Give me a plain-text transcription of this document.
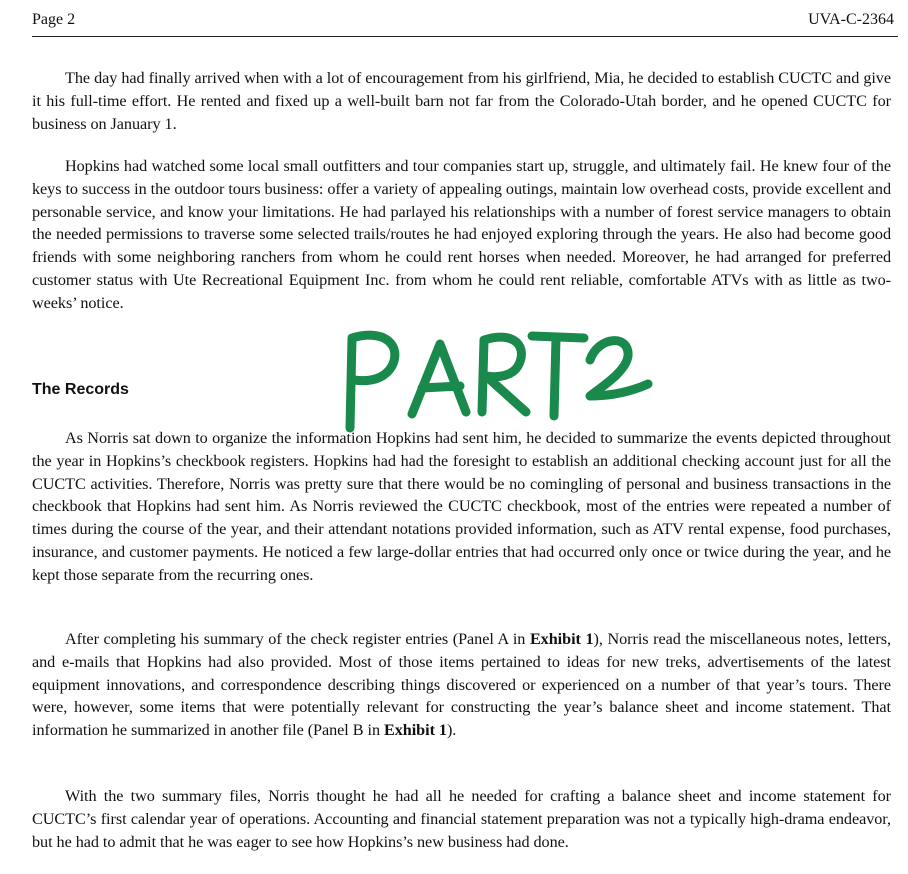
Page 2	UVA-C-2364

The day had finally arrived when with a lot of encouragement from his girlfriend, Mia, he decided to establish CUCTC and give it his full-time effort. He rented and fixed up a well-built barn not far from the Colorado-Utah border, and he opened CUCTC for business on January 1.

Hopkins had watched some local small outfitters and tour companies start up, struggle, and ultimately fail. He knew four of the keys to success in the outdoor tours business: offer a variety of appealing outings, maintain low overhead costs, provide excellent and personable service, and know your limitations. He had parlayed his relationships with a number of forest service managers to obtain the needed permissions to traverse some selected trails/routes he had enjoyed exploring through the years. He also had become good friends with some neighboring ranchers from whom he could rent horses when needed. Moreover, he had arranged for preferred customer status with Ute Recreational Equipment Inc. from whom he could rent reliable, comfortable ATVs with as little as two-weeks’ notice.

The Records

As Norris sat down to organize the information Hopkins had sent him, he decided to summarize the events depicted throughout the year in Hopkins’s checkbook registers. Hopkins had had the foresight to establish an additional checking account just for all the CUCTC activities. Therefore, Norris was pretty sure that there would be no comingling of personal and business transactions in the checkbook that Hopkins had sent him. As Norris reviewed the CUCTC checkbook, most of the entries were repeated a number of times during the course of the year, and their attendant notations provided information, such as ATV rental expense, food purchases, insurance, and customer payments. He noticed a few large-dollar entries that had occurred only once or twice during the year, and he kept those separate from the recurring ones.

After completing his summary of the check register entries (Panel A in Exhibit 1), Norris read the miscellaneous notes, letters, and e-mails that Hopkins had also provided. Most of those items pertained to ideas for new treks, advertisements of the latest equipment innovations, and correspondence describing things discovered or experienced on a number of that year’s tours. There were, however, some items that were potentially relevant for constructing the year’s balance sheet and income statement. That information he summarized in another file (Panel B in Exhibit 1).

With the two summary files, Norris thought he had all he needed for crafting a balance sheet and income statement for CUCTC’s first calendar year of operations. Accounting and financial statement preparation was not a typically high-drama endeavor, but he had to admit that he was eager to see how Hopkins’s new business had done.
